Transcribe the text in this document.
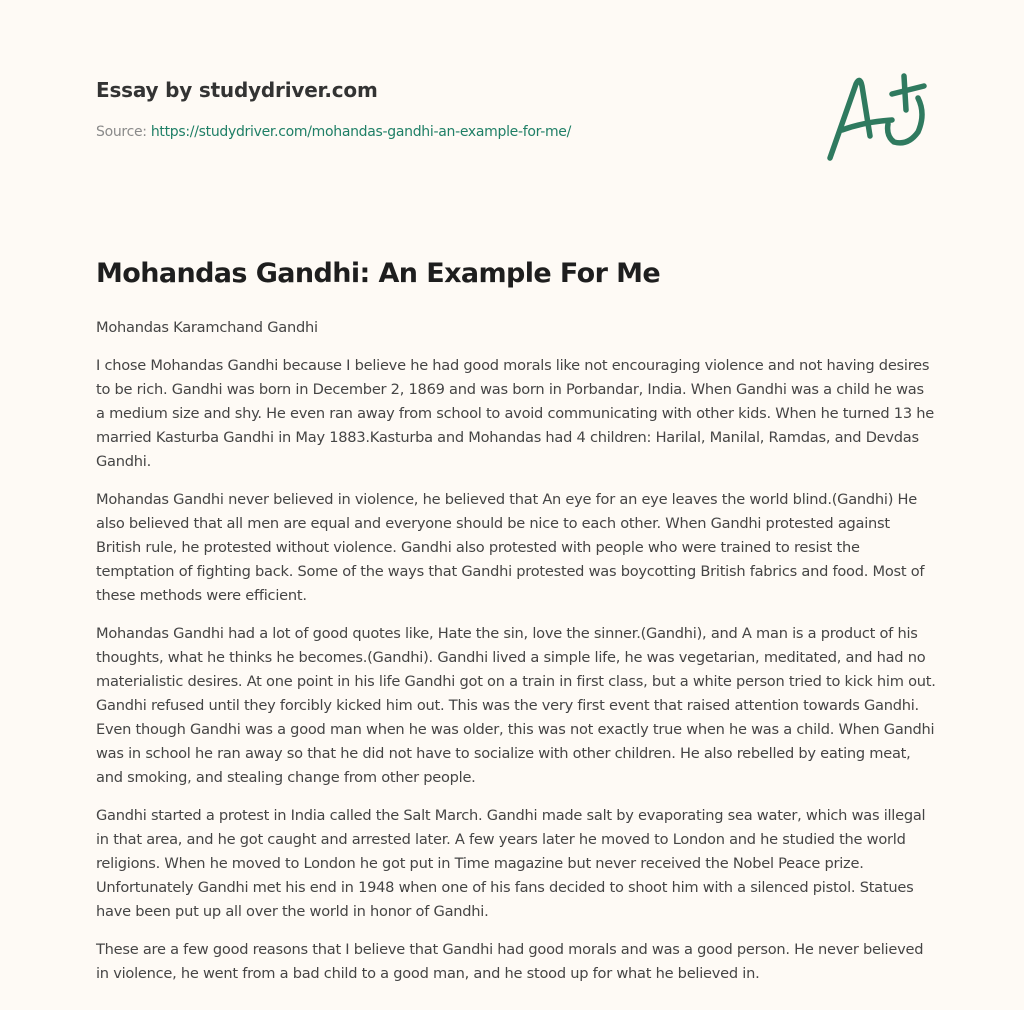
Essay by studydriver.com
Source: https://studydriver.com/mohandas-gandhi-an-example-for-me/
Mohandas Gandhi: An Example For Me

Mohandas Karamchand Gandhi

I chose Mohandas Gandhi because I believe he had good morals like not encouraging violence and not having desires to be rich. Gandhi was born in December 2, 1869 and was born in Porbandar, India. When Gandhi was a child he was a medium size and shy. He even ran away from school to avoid communicating with other kids. When he turned 13 he married Kasturba Gandhi in May 1883.Kasturba and Mohandas had 4 children: Harilal, Manilal, Ramdas, and Devdas Gandhi.

Mohandas Gandhi never believed in violence, he believed that An eye for an eye leaves the world blind.(Gandhi) He also believed that all men are equal and everyone should be nice to each other. When Gandhi protested against British rule, he protested without violence. Gandhi also protested with people who were trained to resist the temptation of fighting back. Some of the ways that Gandhi protested was boycotting British fabrics and food. Most of these methods were efficient.

Mohandas Gandhi had a lot of good quotes like, Hate the sin, love the sinner.(Gandhi), and A man is a product of his thoughts, what he thinks he becomes.(Gandhi). Gandhi lived a simple life, he was vegetarian, meditated, and had no materialistic desires. At one point in his life Gandhi got on a train in first class, but a white person tried to kick him out. Gandhi refused until they forcibly kicked him out. This was the very first event that raised attention towards Gandhi. Even though Gandhi was a good man when he was older, this was not exactly true when he was a child. When Gandhi was in school he ran away so that he did not have to socialize with other children. He also rebelled by eating meat, and smoking, and stealing change from other people.

Gandhi started a protest in India called the Salt March. Gandhi made salt by evaporating sea water, which was illegal in that area, and he got caught and arrested later. A few years later he moved to London and he studied the world religions. When he moved to London he got put in Time magazine but never received the Nobel Peace prize. Unfortunately Gandhi met his end in 1948 when one of his fans decided to shoot him with a silenced pistol. Statues have been put up all over the world in honor of Gandhi.

These are a few good reasons that I believe that Gandhi had good morals and was a good person. He never believed in violence, he went from a bad child to a good man, and he stood up for what he believed in.
